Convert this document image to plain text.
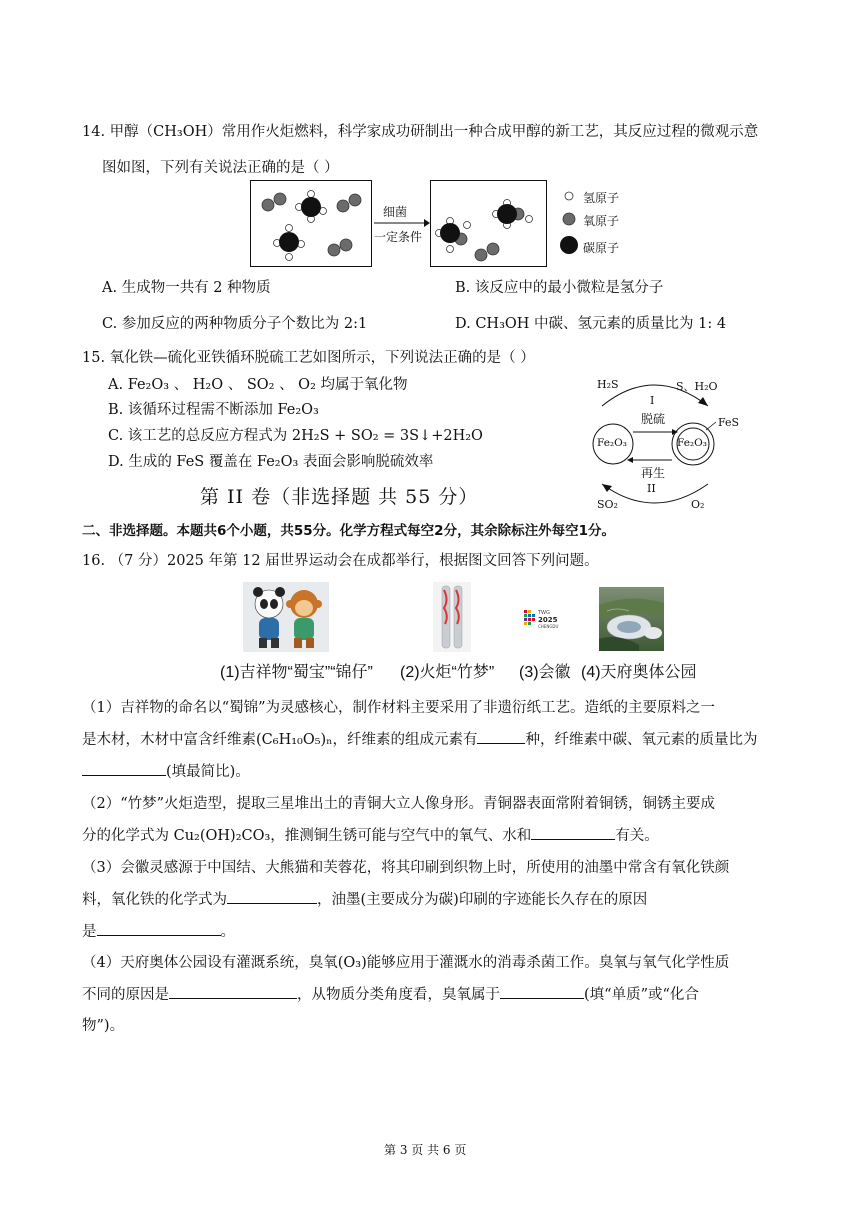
14. 甲醇（CH₃OH）常用作火炬燃料，科学家成功研制出一种合成甲醇的新工艺，其反应过程的微观示意
图如图，下列有关说法正确的是（ ）
细菌
一定条件
氢原子
氧原子
碳原子
A. 生成物一共有 2 种物质	B. 该反应中的最小微粒是氢分子
C. 参加反应的两种物质分子个数比为 2:1	D. CH₃OH 中碳、氢元素的质量比为 1: 4
15. 氧化铁—硫化亚铁循环脱硫工艺如图所示，下列说法正确的是（ ）
A. Fe₂O₃ 、 H₂O 、 SO₂ 、 O₂ 均属于氧化物
B. 该循环过程需不断添加 Fe₂O₃
C. 该工艺的总反应方程式为 2H₂S + SO₂ = 3S↓+2H₂O
D. 生成的 FeS 覆盖在 Fe₂O₃ 表面会影响脱硫效率
H₂S	S、H₂O
I
脱硫	FeS
Fe₂O₃	Fe₂O₃
再生
II
SO₂	O₂
第 II 卷（非选择题 共 55 分）
二、非选择题。本题共6个小题，共55分。化学方程式每空2分，其余除标注外每空1分。
16. （7 分）2025 年第 12 届世界运动会在成都举行，根据图文回答下列问题。
TWG
2025
CHENGDU
(1)吉祥物“蜀宝”“锦仔” (2)火炬“竹梦” (3)会徽 (4)天府奥体公园
（1）吉祥物的命名以“蜀锦”为灵感核心，制作材料主要采用了非遗衍纸工艺。造纸的主要原料之一
是木材，木材中富含纤维素(C₆H₁₀O₅)ₙ，纤维素的组成元素有	种，纤维素中碳、氧元素的质量比为
(填最简比)。
（2）“竹梦”火炬造型，提取三星堆出土的青铜大立人像身形。青铜器表面常附着铜锈，铜锈主要成
分的化学式为 Cu₂(OH)₂CO₃，推测铜生锈可能与空气中的氧气、水和	有关。
（3）会徽灵感源于中国结、大熊猫和芙蓉花，将其印刷到织物上时，所使用的油墨中常含有氧化铁颜
料，氧化铁的化学式为	，油墨(主要成分为碳)印刷的字迹能长久存在的原因
是	。
（4）天府奥体公园设有灌溉系统，臭氧(O₃)能够应用于灌溉水的消毒杀菌工作。臭氧与氧气化学性质
不同的原因是	，从物质分类角度看，臭氧属于	(填“单质”或“化合
物”)。
第 3 页 共 6 页
